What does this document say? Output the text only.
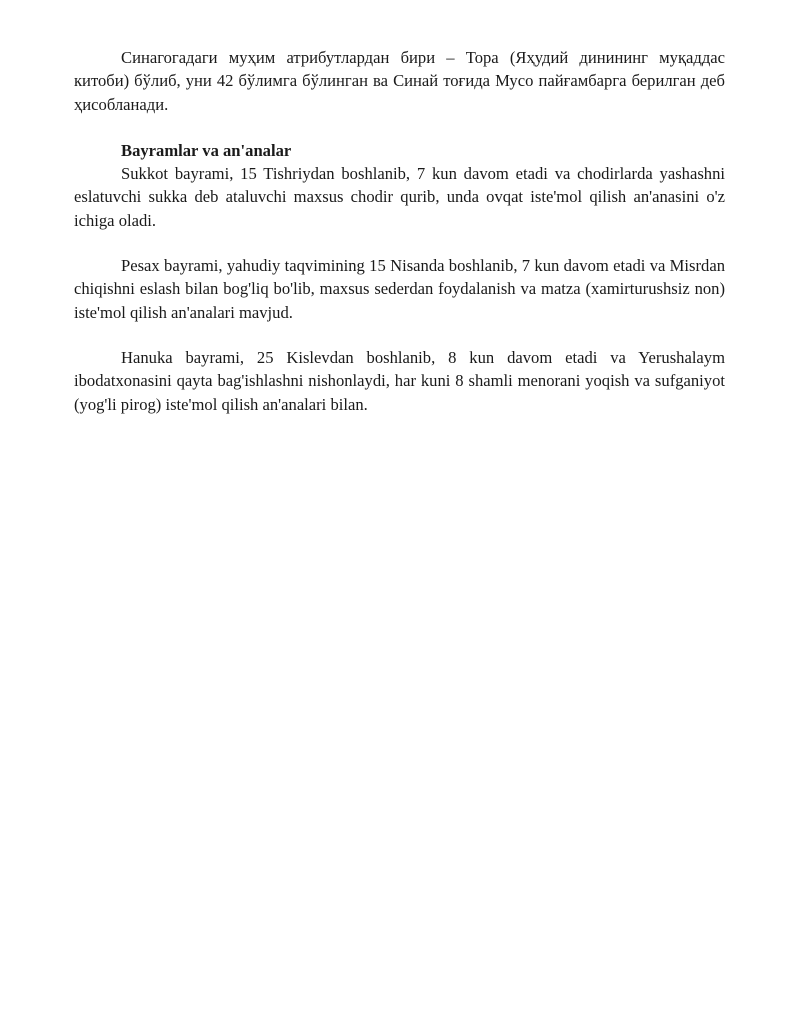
Синагогадаги муҳим атрибутлардан бири – Тора (Яҳудий динининг муқаддас китоби) бўлиб, уни 42 бўлимга бўлинган ва Синай тоғида Мусо пайғамбарга берилган деб ҳисобланади.

Bayramlar va an'analar

Sukkot bayrami, 15 Tishriydan boshlanib, 7 kun davom etadi va chodirlarda yashashni eslatuvchi sukka deb ataluvchi maxsus chodir qurib, unda ovqat iste'mol qilish an'anasini o'z ichiga oladi.

Pesax bayrami, yahudiy taqvimining 15 Nisanda boshlanib, 7 kun davom etadi va Misrdan chiqishni eslash bilan bog'liq bo'lib, maxsus sederdan foydalanish va matza (xamirturushsiz non) iste'mol qilish an'analari mavjud.

Hanuka bayrami, 25 Kislevdan boshlanib, 8 kun davom etadi va Yerushalaym ibodatxonasini qayta bag'ishlashni nishonlaydi, har kuni 8 shamli menorani yoqish va sufganiyot (yog'li pirog) iste'mol qilish an'analari bilan.
